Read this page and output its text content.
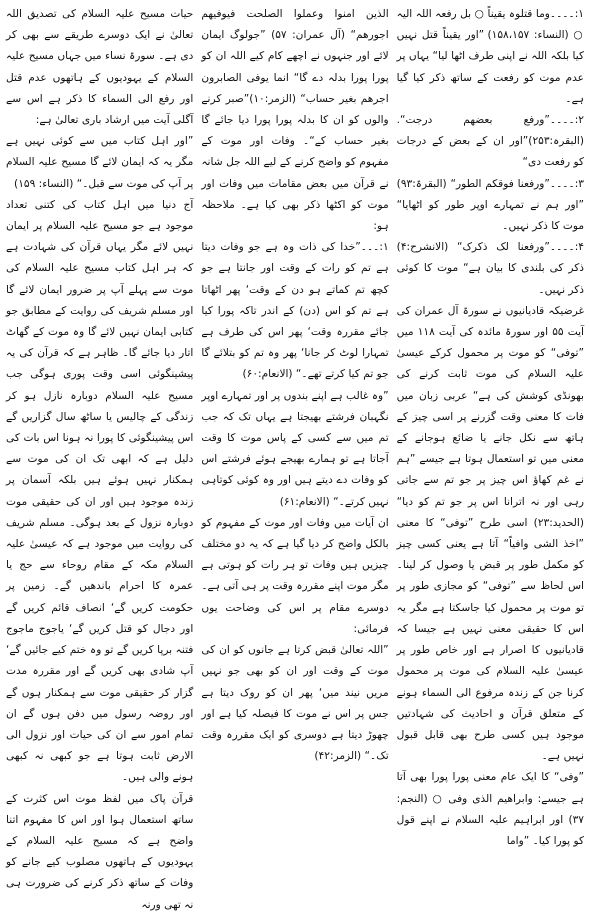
۱:۔۔۔۔وما قتلوہ یقیناً ○ بل رفعہ اللہ الیہ ○ (النساء: ۱۵۸،۱۵۷) ”اور یقیناً قتل نہیں کیا بلکہ اللہ نے اپنی طرف اٹھا لیا“ یہاں پر عدم موت کو رفعت کے ساتھ ذکر کیا گیا ہے۔

۲:۔۔۔۔”ورفع بعضهم درجت“. (البقرہ:۲۵۳)”اور ان کے بعض کے درجات کو رفعت دی“

۳:۔۔۔۔”ورفعنا فوقکم الطور“ (البقرۃ:۹۳) ”اور ہم نے تمہارے اوپر طور کو اٹھایا“ موت کا ذکر نہیں۔

۴:۔۔۔۔”ورفعنا لک ذکرک“ (الانشرح:۴) ذکر کی بلندی کا بیان ہے“ موت کا کوئی ذکر نہیں۔

غرضیکہ قادیانیوں نے سورۃ آل عمران کی آیت ۵۵ اور سورۃ مائدہ کی آیت ۱۱۸ میں ”توفی“ کو موت پر محمول کرکے عیسیٰ علیہ السلام کی موت ثابت کرنے کی بھونڈی کوشش کی ہے“ عربی زبان میں فات کا معنی وقت گزرنے پر اسی چیز کے ہاتھ سے نکل جانے یا ضائع ہوجانے کے معنی میں تو استعمال ہوتا ہے جیسے ”ہم نے غم کھاؤ اس چیز پر جو تم سے جاتی رہی اور نہ اترانا اس پر جو تم کو دیا“ (الحدید:۲۳) اسی طرح ”توفی“ کا معنی ”اخذ الشی وافیاً“ آتا ہے یعنی کسی چیز کو مکمل طور پر قبض یا وصول کر لینا۔ اس لحاظ سے ”توفی“ کو مجازی طور پر تو موت پر محمول کیا جاسکتا ہے مگر یہ اس کا حقیقی معنی نہیں ہے جیسا کہ قادیانیوں کا اصرار ہے اور خاص طور پر عیسیٰ علیہ السلام کی موت پر محمول کرنا جن کے زندہ مرفوع الی السماء ہونے کے متعلق قرآن و احادیث کی شہادتیں موجود ہیں کسی طرح بھی قابل قبول نہیں ہے۔

”وفی“ کا ایک عام معنی پورا پورا بھی آتا ہے جیسے: وابراھیم الذی وفی ○ (النجم: ۳۷) اور ابراہیم علیہ السلام نے اپنے قول کو پورا کیا۔ ”واما

الذین امنوا وعملوا الصلحت فیوفیھم اجورھم“ (آل عمران: ۵۷) ”جولوگ ایمان لائے اور جنہوں نے اچھے کام کیے اللہ ان کو پورا پورا بدلہ دے گا“ انما یوفی الصابرون اجرھم بغیر حساب“ (الزمر:۱۰)”صبر کرنے والوں کو ان کا بدلہ پورا پورا دیا جائے گا بغیر حساب کے“۔ وفات اور موت کے مفہوم کو واضح کرنے کے لیے اللہ جل شانہ نے قرآن میں بعض مقامات میں وفات اور موت کو اکٹھا ذکر بھی کیا ہے۔ ملاحظہ ہو:

۱:۔۔۔”خدا کی ذات وہ ہے جو وفات دیتا ہے تم کو رات کے وقت اور جانتا ہے جو کچھ تم کماتے ہو دن کے وقت‘ پھر اٹھاتا ہے تم کو اس (دن) کے اندر تاکہ پورا کیا جائے مقررہ وقت‘ پھر اس کی طرف ہے تمہارا لوٹ کر جانا‘ پھر وہ تم کو بتلائے گا جو تم کیا کرتے تھے۔“ (الانعام:۶۰)

”وہ غالب ہے اپنے بندوں پر اور تمہارے اوپر نگہبان فرشتے بھیجتا ہے یہاں تک کہ جب تم میں سے کسی کے پاس موت کا وقت آجاتا ہے تو ہمارے بھیجے ہوئے فرشتے اس کو وفات دے دیتے ہیں اور وہ کوئی کوتاہی نہیں کرتے۔“ (الانعام:۶۱)

ان آیات میں وفات اور موت کے مفہوم کو بالکل واضح کر دیا گیا ہے کہ یہ دو مختلف چیزیں ہیں وفات تو ہر رات کو ہوتی ہے مگر موت اپنے مقررہ وقت پر ہی آتی ہے۔ دوسرے مقام پر اس کی وضاحت یوں فرمائی:

”اللہ تعالیٰ قبض کرتا ہے جانوں کو ان کی موت کے وقت اور ان کو بھی جو نہیں مریں نیند میں‘ پھر ان کو روک دیتا ہے جس پر اس نے موت کا فیصلہ کیا ہے اور چھوڑ دیتا ہے دوسری کو ایک مقررہ وقت تک۔“ (الزمر:۴۲)

حیات مسیح علیہ السلام کی تصدیق اللہ تعالیٰ نے ایک دوسرے طریقے سے بھی کر دی ہے۔ سورۃ نساء میں جہاں مسیح علیہ السلام کے یہودیوں کے ہاتھوں عدم قتل اور رفع الی السماء کا ذکر ہے اس سے آگلی آیت میں ارشاد باری تعالیٰ ہے:

”اور اہل کتاب میں سے کوئی نہیں ہے مگر یہ کہ ایمان لائے گا مسیح علیہ السلام پر آپ کی موت سے قبل۔“ (النساء: ۱۵۹)

آج دنیا میں اہل کتاب کی کتنی تعداد موجود ہے جو مسیح علیہ السلام پر ایمان نہیں لائے مگر یہاں قرآن کی شہادت ہے کہ ہر اہل کتاب مسیح علیہ السلام کی موت سے پہلے آپ پر ضرور ایمان لائے گا اور مسلم شریف کی روایت کے مطابق جو کتابی ایمان نہیں لائے گا وہ موت کے گھاٹ اتار دیا جائے گا۔ ظاہر ہے کہ قرآن کی یہ پیشینگوئی اسی وقت پوری ہوگی جب مسیح علیہ السلام دوبارہ نازل ہو کر زندگی کے چالیس یا ساٹھ سال گزاریں گے اس پیشینگوئی کا پورا نہ ہونا اس بات کی دلیل ہے کہ ابھی تک ان کی موت سے ہمکنار نہیں ہوئے ہیں بلکہ آسمان پر زندہ موجود ہیں اور ان کی حقیقی موت دوبارہ نزول کے بعد ہوگی۔ مسلم شریف کی روایت میں موجود ہے کہ عیسیٰ علیہ السلام مکہ کے مقام روحاء سے حج یا عمرہ کا احرام باندھیں گے۔ زمین پر حکومت کریں گے‘ انصاف قائم کریں گے اور دجال کو قتل کریں گے‘ یاجوج ماجوج فتنہ برپا کریں گے تو وہ ختم کیے جائیں گے‘ آپ شادی بھی کریں گے اور مقررہ مدت گزار کر حقیقی موت سے ہمکنار ہوں گے اور روضہ رسول میں دفن ہوں گے ان تمام امور سے ان کی حیات اور نزول الی الارض ثابت ہوتا ہے جو کبھی نہ کبھی ہونے والی ہیں۔

قرآن پاک میں لفظ موت اس کثرت کے ساتھ استعمال ہوا اور اس کا مفہوم اتنا واضح ہے کہ مسیح علیہ السلام کے یہودیوں کے ہاتھوں مصلوب کیے جانے کو وفات کے ساتھ ذکر کرنے کی ضرورت ہی نہ تھی ورنہ
